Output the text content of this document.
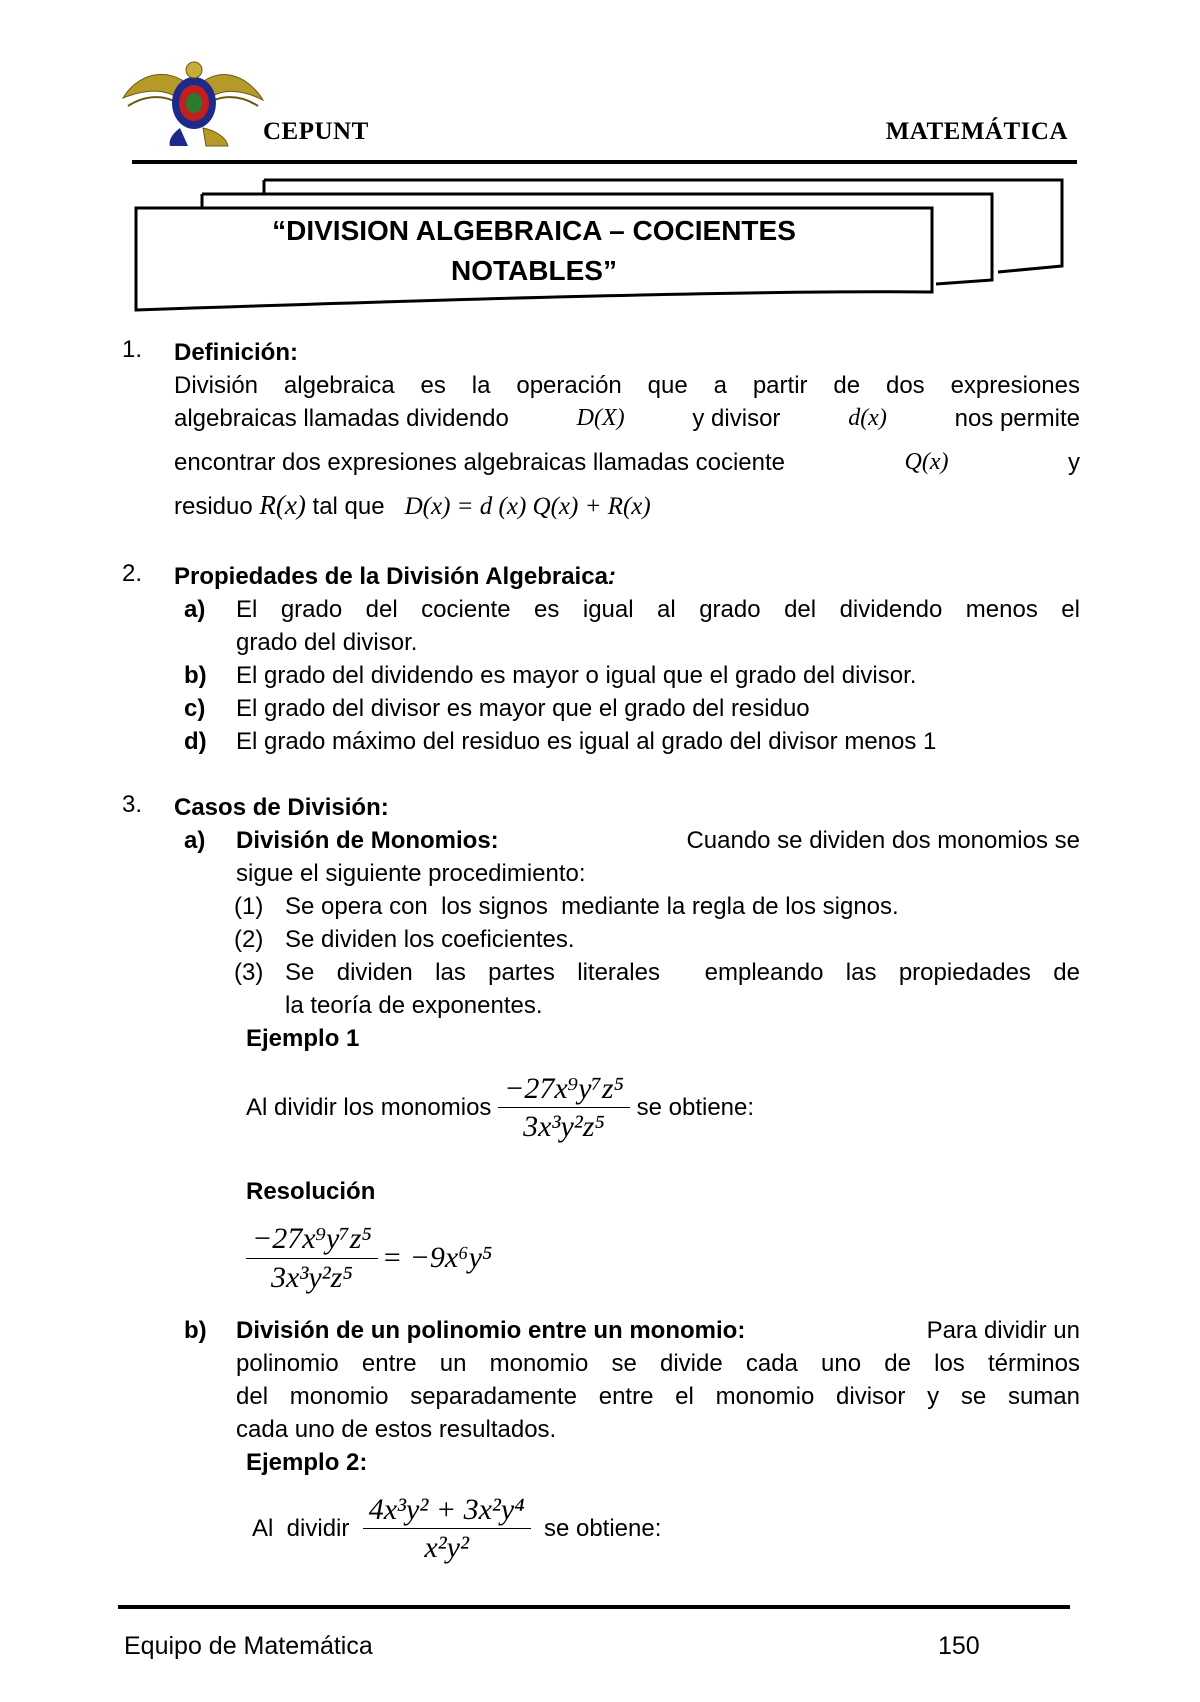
CEPUNT	MATEMÁTICA
“DIVISION ALGEBRAICA – COCIENTES
NOTABLES”
1. Definición:
División algebraica es la operación que a partir de dos expresiones
algebraicas llamadas dividendo	D(X)	y divisor	d(x)	nos permite
encontrar dos expresiones algebraicas llamadas cociente	Q(x)	y
residuo R(x) tal que D(x) = d (x) Q(x) + R(x)
2. Propiedades de la División Algebraica:
a) El grado del cociente es igual al grado del dividendo menos el
grado del divisor.
b) El grado del dividendo es mayor o igual que el grado del divisor.
c) El grado del divisor es mayor que el grado del residuo
d) El grado máximo del residuo es igual al grado del divisor menos 1
3. Casos de División:
a) División de Monomios:	Cuando se dividen dos monomios se
sigue el siguiente procedimiento:
(1) Se opera con  los signos  mediante la regla de los signos.
(2) Se dividen los coeficientes.
(3) Se dividen las partes literales  empleando las propiedades de
la teoría de exponentes.
Ejemplo 1
Al dividir los monomios
$\frac{\text{−27x⁹y⁷z⁵}}{\text{3x³y²z⁵}}$
se obtiene:
Resolución
$\frac{\text{−27x⁹y⁷z⁵}}{\text{3x³y²z⁵}} = -9x^6y^5$
b) División de un polinomio entre un monomio:	Para dividir un
polinomio entre un monomio se divide cada uno de los términos
del monomio separadamente entre el monomio divisor y se suman
cada uno de estos resultados.
Ejemplo 2:
Al  dividir

$\frac{\text{4x³y² + 3x²y⁴}}{\text{x²y²}}$

se obtiene:
Equipo de Matemática	150
